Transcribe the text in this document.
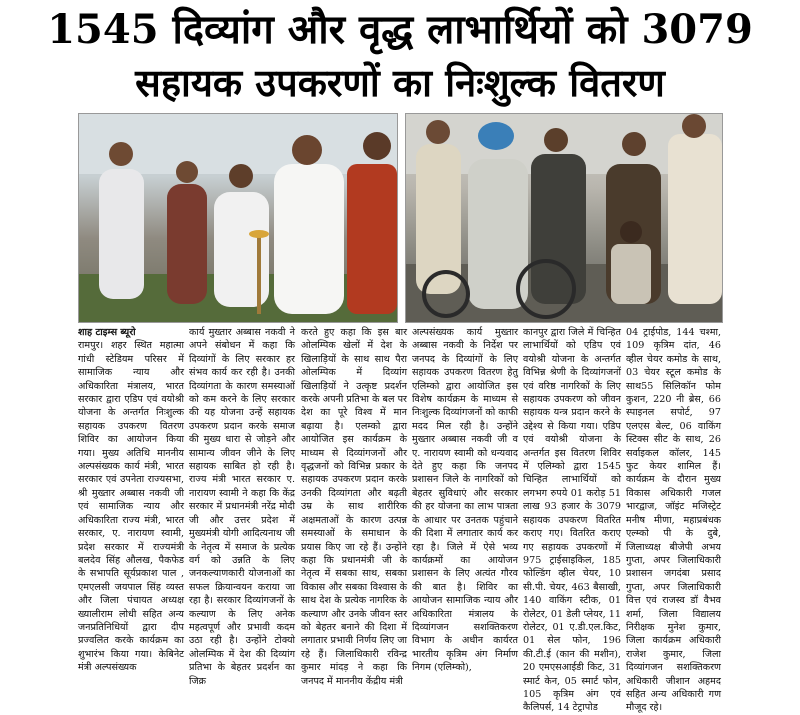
1545 दिव्यांग और वृद्ध लाभार्थियों को 3079
सहायक उपकरणों का निःशुल्क वितरण
शाह टाइम्स ब्यूरो
रामपुर। शहर स्थित महात्मा गांधी स्टेडियम परिसर में सामाजिक न्याय और अधिकारिता मंत्रालय, भारत सरकार द्वारा एडिप एवं वयोश्री योजना के अन्तर्गत निःशुल्क सहायक उपकरण वितरण शिविर का आयोजन किया गया। मुख्य अतिथि माननीय अल्पसंख्यक कार्य मंत्री, भारत सरकार एवं उपनेता राज्यसभा, श्री मुख्तार अब्बास नकवी जी एवं सामाजिक न्याय और अधिकारिता राज्य मंत्री, भारत सरकार, ए. नारायण स्वामी, प्रदेश सरकार में राज्यमंत्री बलदेव सिंह औलख, पैकफेड के सभापति सूर्यप्रकाश पाल , एमएलसी जयपाल सिंह व्यस्त और जिला पंचायत अध्यक्ष ख्यालीराम लोधी सहित अन्य जनप्रतिनिधियों द्वारा दीप प्रज्वलित करके कार्यक्रम का शुभारंभ किया गया। केबिनेट मंत्री अल्पसंख्यक
कार्य मुख्तार अब्बास नकवी ने अपने संबोधन में कहा कि दिव्यांगों के लिए सरकार हर संभव कार्य कर रही है। उनकी दिव्यांगता के कारण समस्याओं को कम करने के लिए सरकार की यह योजना उन्हें सहायक उपकरण प्रदान करके समाज की मुख्य धारा से जोड़ने और सामान्य जीवन जीने के लिए सहायक साबित हो रही है। राज्य मंत्री भारत सरकार ए. नारायण स्वामी ने कहा कि केंद्र सरकार में प्रधानमंत्री नरेंद्र मोदी जी और उत्तर प्रदेश में मुख्यमंत्री योगी आदित्यनाथ जी के नेतृत्व में समाज के प्रत्येक वर्ग को उन्नति के लिए जनकल्याणकारी योजनाओं का सफल क्रियान्वयन कराया जा रहा है। सरकार दिव्यांगजनों के कल्याण के लिए अनेक महत्वपूर्ण और प्रभावी कदम उठा रही है। उन्होंने टोक्यो ओलम्पिक में देश की दिव्यांग प्रतिभा के बेहतर प्रदर्शन का जिक्र
करते हुए कहा कि इस बार ओलम्पिक खेलों में देश के खिलाड़ियों के साथ साथ पैरा ओलम्पिक में दिव्यांग खिलाड़ियों ने उत्कृष्ट प्रदर्शन करके अपनी प्रतिभा के बल पर देश का पूरे विश्व में मान बढ़ाया है। एलम्को द्वारा आयोजित इस कार्यक्रम के माध्यम से दिव्यांगजनों और वृद्धजनों को विभिन्न प्रकार के सहायक उपकरण प्रदान करके उनकी दिव्यांगता और बढ़ती उम्र के साथ शारीरिक अक्षमताओं के कारण उत्पन्न समस्याओं के समाधान के प्रयास किए जा रहे हैं। उन्होंने कहा कि प्रधानमंत्री जी के नेतृत्व में सबका साथ, सबका विकास और सबका विश्वास के साथ देश के प्रत्येक नागरिक के कल्याण और उनके जीवन स्तर को बेहतर बनाने की दिशा में लगातार प्रभावी निर्णय लिए जा रहे हैं। जिलाधिकारी रविन्द्र कुमार मांदड़ ने कहा कि जनपद में माननीय केंद्रीय मंत्री
अल्पसंख्यक कार्य मुख्तार अब्बास नकवी के निर्देश पर जनपद के दिव्यांगों के लिए सहायक उपकरण वितरण हेतु एलिम्को द्वारा आयोजित इस विशेष कार्यक्रम के माध्यम से निःशुल्क दिव्यांगजनों को काफी मदद मिल रही है। उन्होंने मुख्तार अब्बास नकवी जी व ए. नारायण स्वामी को धन्यवाद देते हुए कहा कि जनपद प्रशासन जिले के नागरिकों को बेहतर सुविधाएं और सरकार की हर योजना का लाभ पात्रता के आधार पर उनतक पहुंचाने की दिशा में लगातार कार्य कर रहा है। जिले में ऐसे भव्य कार्यक्रमों का आयोजन प्रशासन के लिए अत्यंत गौरव की बात है। शिविर का आयोजन सामाजिक न्याय और अधिकारिता मंत्रालय के दिव्यांगजन सशक्तिकरण विभाग के अधीन कार्यरत भारतीय कृत्रिम अंग निर्माण निगम (एलिम्को),
कानपुर द्वारा जिले में चिन्हित लाभार्थियों को एडिप एवं वयोश्री योजना के अन्तर्गत विभिन्न श्रेणी के दिव्यांगजनों एवं वरिष्ठ नागरिकों के लिए सहायक उपकरण को जीवन सहायक यन्त्र प्रदान करने के उद्देश्य से किया गया। एडिप एवं वयोश्री योजना के अन्तर्गत इस वितरण शिविर में एलिम्को द्वारा 1545 चिन्हित लाभार्थियों को लगभग रुपये 01 करोड़ 51 लाख 93 हजार के 3079 सहायक उपकरण वितरित कराए गए। वितरित कराए गए सहायक उपकरणों में 975 ट्राईसाइकिल, 185 फोल्डिंग व्हील चेयर, 10 सी.पी. चेयर, 463 बैसाखी, 140 वाकिंग स्टीक, 01 रोलेटर, 01 डेली प्लेयर, 11 रोलेटर, 01 ए.डी.एल.किट, 01 सेल फोन, 196 की.टी.ई (कान की मशीन), 20 एमएसआईडी किट, 31 स्मार्ट केन, 05 स्मार्ट फोन, 105 कृत्रिम अंग एवं कैलिपर्स, 14 टेट्रापोड
04 ट्राईपोड, 144 चश्मा, 109 कृत्रिम दांत, 46 व्हील चेयर कमोड के साथ, 03 चेयर स्टूल कमोड के साथ55 सिलिकॉन फोम कुशन, 220 नी ब्रेस, 66 स्पाइनल सपोर्ट, 97 एलएस बेल्ट, 06 वाकिंग स्टिक्स सीट के साथ, 26 सर्वाइकल कॉलर, 145 फुट केयर शामिल हैं। कार्यक्रम के दौरान मुख्य विकास अधिकारी गजल भारद्वाज, जॉइंट मजिस्ट्रेट मनीष मीणा, महाप्रबंधक एल्म्को पी के दुबे, जिलाध्यक्ष बीजेपी अभय गुप्ता, अपर जिलाधिकारी प्रशासन जगदंबा प्रसाद गुप्ता, अपर जिलाधिकारी वित्त एवं राजस्व डॉ वैभव शर्मा, जिला विद्यालय निरीक्षक मुनेश कुमार, जिला कार्यक्रम अधिकारी राजेश कुमार, जिला दिव्यांगजन सशक्तिकरण अधिकारी जीशान अहमद सहित अन्य अधिकारी गण मौजूद रहे।
